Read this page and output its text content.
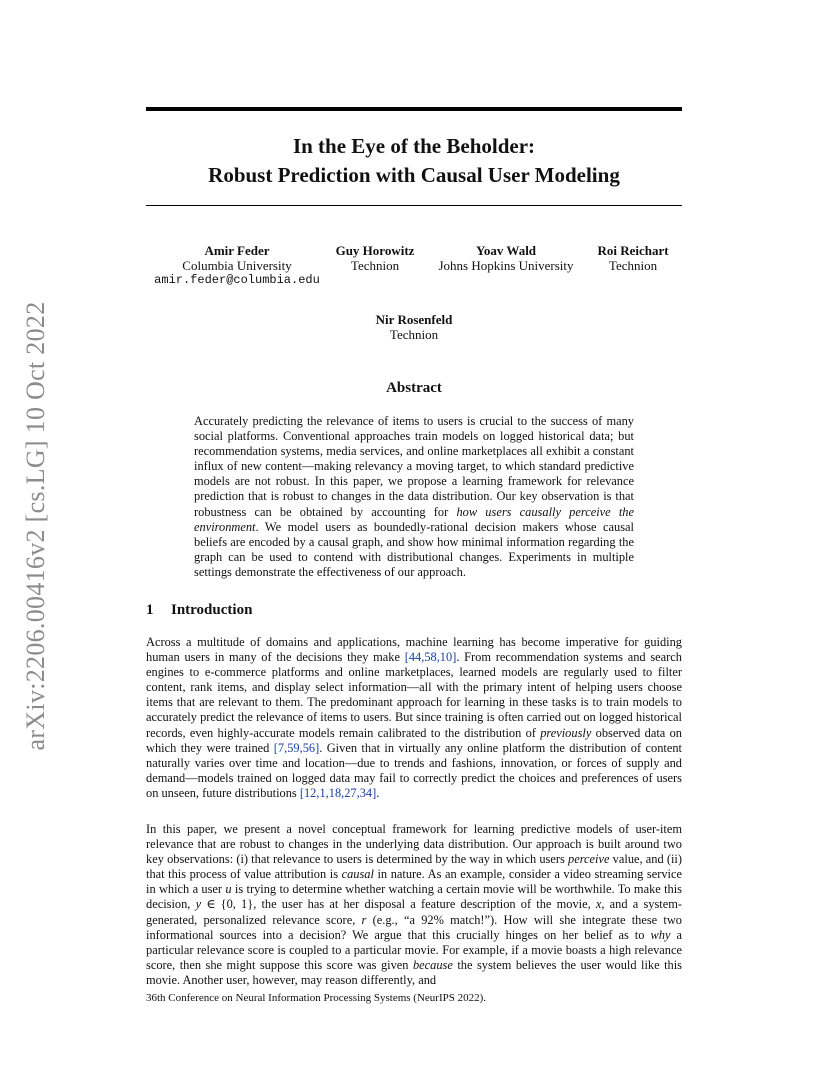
arXiv:2206.00416v2 [cs.LG] 10 Oct 2022
In the Eye of the Beholder:
Robust Prediction with Causal User Modeling
Amir Feder
Columbia University
amir.feder@columbia.edu
Guy Horowitz
Technion
Yoav Wald
Johns Hopkins University
Roi Reichart
Technion
Nir Rosenfeld
Technion
Abstract
Accurately predicting the relevance of items to users is crucial to the success of many social platforms. Conventional approaches train models on logged historical data; but recommendation systems, media services, and online marketplaces all exhibit a constant influx of new content—making relevancy a moving target, to which standard predictive models are not robust. In this paper, we propose a learning framework for relevance prediction that is robust to changes in the data distribution. Our key observation is that robustness can be obtained by accounting for how users causally perceive the environment. We model users as boundedly-rational decision makers whose causal beliefs are encoded by a causal graph, and show how minimal information regarding the graph can be used to contend with distributional changes. Experiments in multiple settings demonstrate the effectiveness of our approach.
1 Introduction

Across a multitude of domains and applications, machine learning has become imperative for guiding human users in many of the decisions they make [44,58,10]. From recommendation systems and search engines to e-commerce platforms and online marketplaces, learned models are regularly used to filter content, rank items, and display select information—all with the primary intent of helping users choose items that are relevant to them. The predominant approach for learning in these tasks is to train models to accurately predict the relevance of items to users. But since training is often carried out on logged historical records, even highly-accurate models remain calibrated to the distribution of previously observed data on which they were trained [7,59,56]. Given that in virtually any online platform the distribution of content naturally varies over time and location—due to trends and fashions, innovation, or forces of supply and demand—models trained on logged data may fail to correctly predict the choices and preferences of users on unseen, future distributions [12,1,18,27,34].

In this paper, we present a novel conceptual framework for learning predictive models of user-item relevance that are robust to changes in the underlying data distribution. Our approach is built around two key observations: (i) that relevance to users is determined by the way in which users perceive value, and (ii) that this process of value attribution is causal in nature. As an example, consider a video streaming service in which a user u is trying to determine whether watching a certain movie will be worthwhile. To make this decision, y ∈ {0, 1}, the user has at her disposal a feature description of the movie, x, and a system-generated, personalized relevance score, r (e.g., “a 92% match!”). How will she integrate these two informational sources into a decision? We argue that this crucially hinges on her belief as to why a particular relevance score is coupled to a particular movie. For example, if a movie boasts a high relevance score, then she might suppose this score was given because the system believes the user would like this movie. Another user, however, may reason differently, and

36th Conference on Neural Information Processing Systems (NeurIPS 2022).
